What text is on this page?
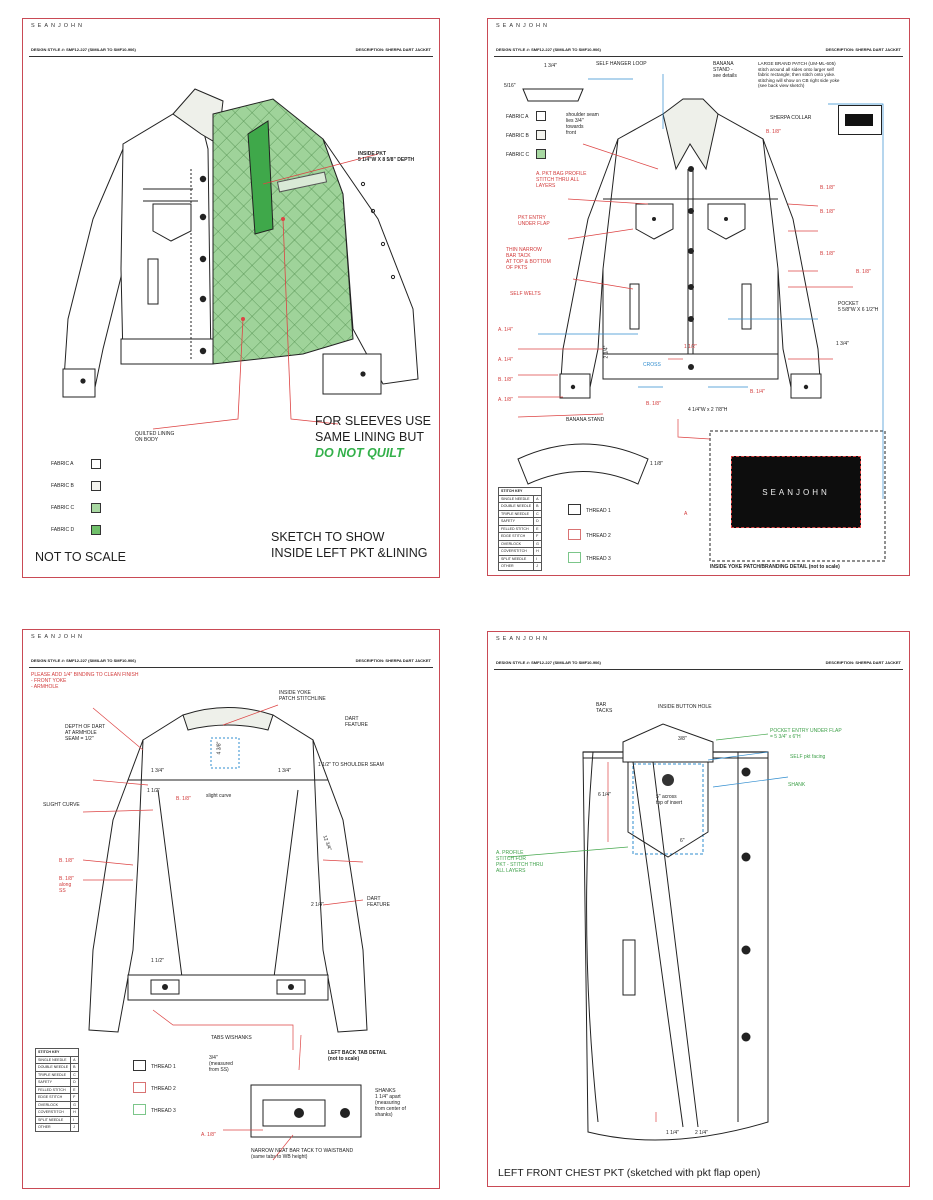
SEANJOHN
DESIGN STYLE #: SMF12-227 (SIMILAR TO SMF10-906)	DESCRIPTION: SHERPA DART JACKET
INSIDE PKT
5 1/4"W X 8 5/8" DEPTH
QUILTED LINING
ON BODY
FOR SLEEVES USE
SAME LINING BUT
DO NOT QUILT
FABRIC A
FABRIC B
FABRIC C
FABRIC D
NOT TO SCALE
SKETCH TO SHOW
INSIDE LEFT PKT &LINING
SEANJOHN
DESIGN STYLE #: SMF12-227 (SIMILAR TO SMF10-906)	DESCRIPTION: SHERPA DART JACKET
1 3/4"	SELF HANGER LOOP
5/16"
BANANA
STAND -
see details
LARGE BRAND PATCH (UM-ML-605)
stitch around all sides onto larger self
fabric rectangle; then stitch onto yoke.
stitching will show on CB right side yoke
(see back view sketch)
SHERPA COLLAR
shoulder seam
lies 3/4"
towards
front
FABRIC A
FABRIC B
FABRIC C
A. PKT BAG PROFILE
STITCH THRU ALL
LAYERS
PKT ENTRY
UNDER FLAP
THIN NARROW
BAR TACK
AT TOP & BOTTOM
OF PKTS
SELF WELTS
B. 1/8"
B. 1/8"
B. 1/8"
B. 1/8"
B. 1/8"
POCKET
5 5/8"W X 6 1/2"H
1 3/4"
A. 1/4"
A. 1/4"
B. 1/8"
A. 1/8"
1 1/2"
2 1/4"
CROSS
B. 1/8"
B. 1/4"
BANANA STAND
1 1/8"
4 1/4"W x 2 7/8"H
A
SEANJOHN
INSIDE YOKE PATCH/BRANDING DETAIL (not to scale)
STITCH KEY	
SINGLE NEEDLE	A
DOUBLE NEEDLE	B
TRIPLE NEEDLE	C
SAFETY	D
FELLED STITCH	E
EDGE STITCH	F
OVERLOCK	G
COVERSTITCH	H
SPLIT NEEDLE	I
OTHER	J
THREAD 1
THREAD 2
THREAD 3
SEANJOHN
DESIGN STYLE #: SMF12-227 (SIMILAR TO SMF10-906)	DESCRIPTION: SHERPA DART JACKET
PLEASE ADD 1/4" BINDING TO CLEAN FINISH
- FRONT YOKE
- ARMHOLE
INSIDE YOKE
PATCH STITCHLINE
DART
FEATURE
DEPTH OF DART
AT ARMHOLE
SEAM = 1/2"
1 1/2" TO SHOULDER SEAM
SLIGHT CURVE
slight curve
B. 1/8"
B. 1/8"
B. 1/8"
along
SS
DART
FEATURE
1 3/4"	1 3/4"
1 1/2"
4 3/8"
12 3/4"
2 1/4"
1 1/2"
TABS W/SHANKS
LEFT BACK TAB DETAIL
(not to scale)
3/4"
(measured
from SS)
SHANKS
1 1/4" apart
(measuring
from center of
shanks)
A. 1/8"
NARROW NEAT BAR TACK TO WAISTBAND
(same tabs to WB height)
STITCH KEY	
SINGLE NEEDLE	A
DOUBLE NEEDLE	B
TRIPLE NEEDLE	C
SAFETY	D
FELLED STITCH	E
EDGE STITCH	F
OVERLOCK	G
COVERSTITCH	H
SPLIT NEEDLE	I
OTHER	J
THREAD 1
THREAD 2
THREAD 3
SEANJOHN
DESIGN STYLE #: SMF12-227 (SIMILAR TO SMF10-906)	DESCRIPTION: SHERPA DART JACKET
BAR
TACKS
INSIDE BUTTON HOLE
POCKET ENTRY UNDER FLAP
= 5 3/4" x 6"H
SELF pkt facing
SHANK
A. PROFILE
STITCH FOR
PKT - STITCH THRU
ALL LAYERS
5" across
top of insert
6 1/4"
3/8"
6"
1 1/4"	2 1/4"
LEFT FRONT CHEST PKT (sketched with pkt flap open)
